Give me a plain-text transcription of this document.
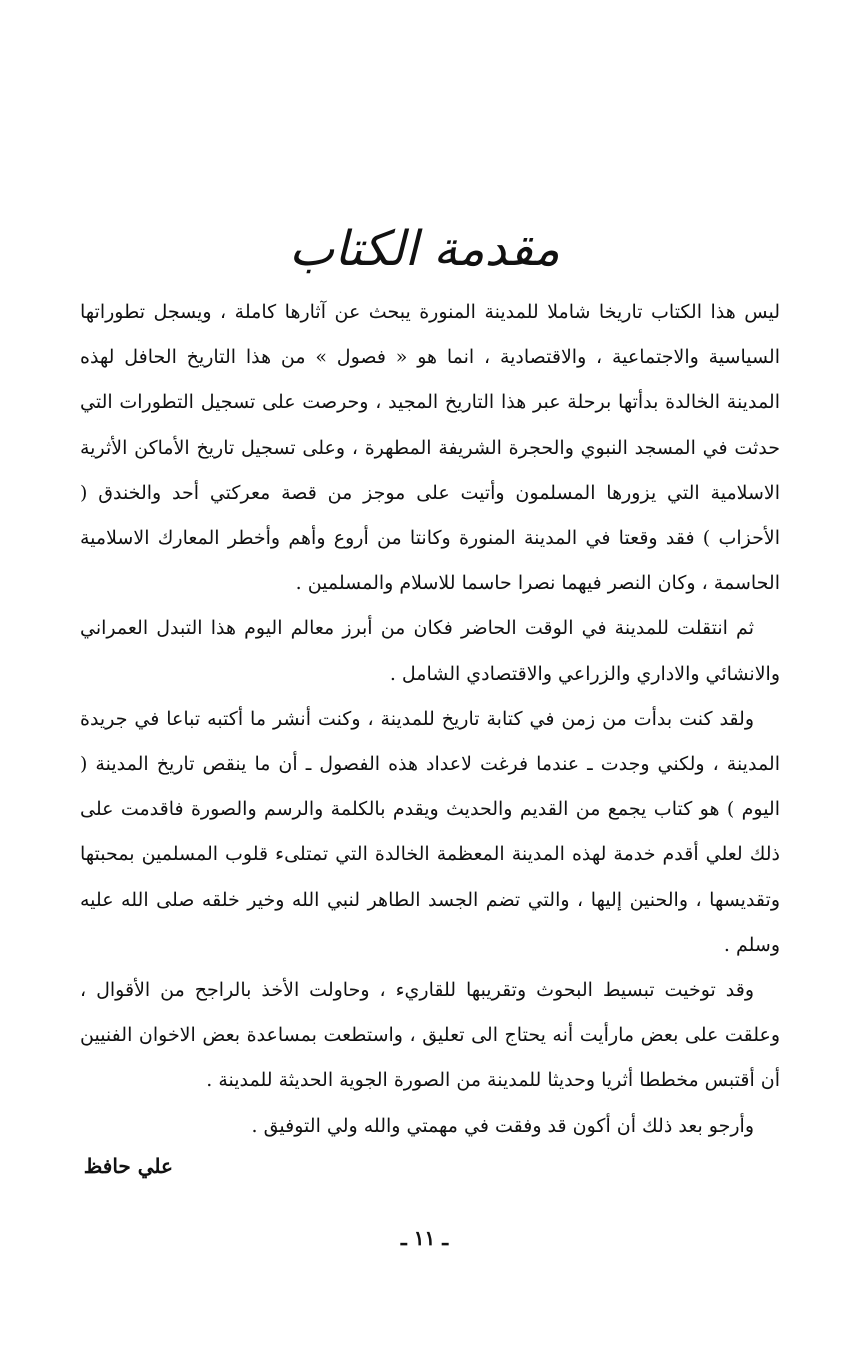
مقدمة الكتاب

ليس هذا الكتاب تاريخا شاملا للمدينة المنورة يبحث عن آثارها كاملة ، ويسجل تطوراتها السياسية والاجتماعية ، والاقتصادية ، انما هو « فصول » من هذا التاريخ الحافل لهذه المدينة الخالدة بدأتها برحلة عبر هذا التاريخ المجيد ، وحرصت على تسجيل التطورات التي حدثت في المسجد النبوي والحجرة الشريفة المطهرة ، وعلى تسجيل تاريخ الأماكن الأثرية الاسلامية التي يزورها المسلمون وأتيت على موجز من قصة معركتي أحد والخندق ( الأحزاب ) فقد وقعتا في المدينة المنورة وكانتا من أروع وأهم وأخطر المعارك الاسلامية الحاسمة ، وكان النصر فيهما نصرا حاسما للاسلام والمسلمين .

ثم انتقلت للمدينة في الوقت الحاضر فكان من أبرز معالم اليوم هذا التبدل العمراني والانشائي والاداري والزراعي والاقتصادي الشامل .

ولقد كنت بدأت من زمن في كتابة تاريخ للمدينة ، وكنت أنشر ما أكتبه تباعا في جريدة المدينة ، ولكني وجدت ـ عندما فرغت لاعداد هذه الفصول ـ أن ما ينقص تاريخ المدينة ( اليوم ) هو كتاب يجمع من القديم والحديث ويقدم بالكلمة والرسم والصورة فاقدمت على ذلك لعلي أقدم خدمة لهذه المدينة المعظمة الخالدة التي تمتلىء قلوب المسلمين بمحبتها وتقديسها ، والحنين إليها ، والتي تضم الجسد الطاهر لنبي الله وخير خلقه صلى الله عليه وسلم .

وقد توخيت تبسيط البحوث وتقريبها للقاريء ، وحاولت الأخذ بالراجح من الأقوال ، وعلقت على بعض مارأيت أنه يحتاج الى تعليق ، واستطعت بمساعدة بعض الاخوان الفنيين أن أقتبس مخططا أثريا وحديثا للمدينة من الصورة الجوية الحديثة للمدينة .

وأرجو بعد ذلك أن أكون قد وفقت في مهمتي والله ولي التوفيق .

علي حافظ
ـ ١١ ـ
